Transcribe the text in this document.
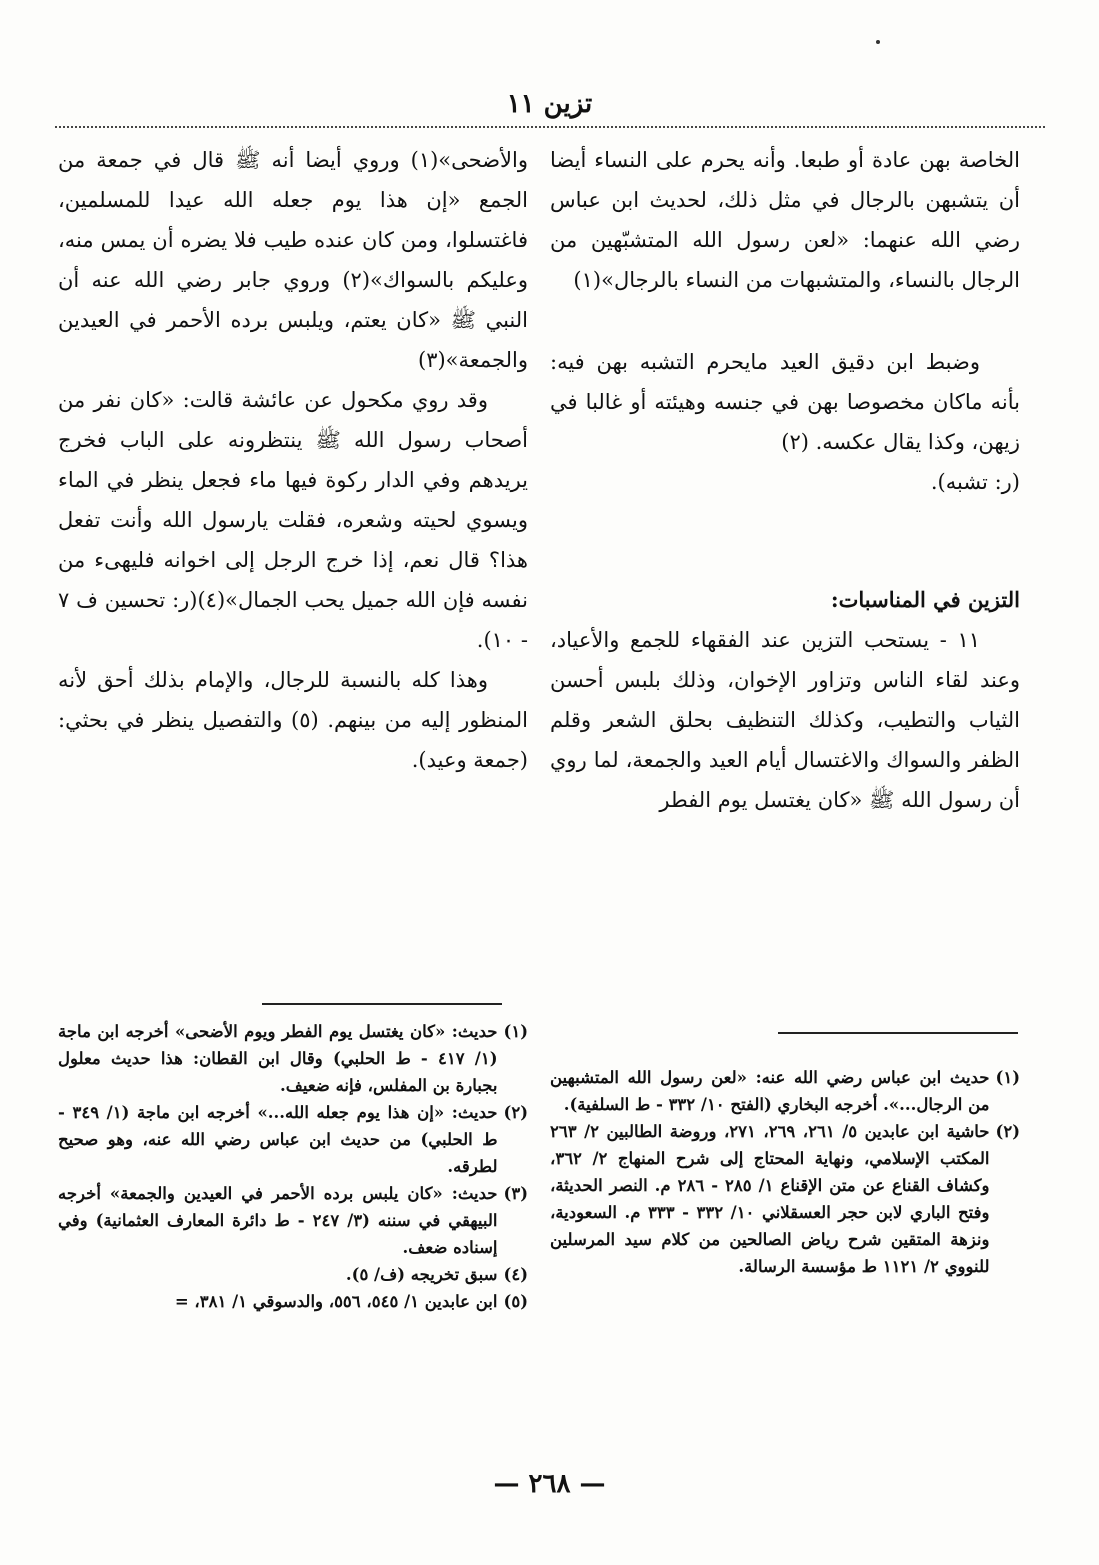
تزين ١١

الخاصة بهن عادة أو طبعا. وأنه يحرم على النساء أيضا أن يتشبهن بالرجال في مثل ذلك، لحديث ابن عباس رضي الله عنهما: «لعن رسول الله المتشبّهين من الرجال بالنساء، والمتشبهات من النساء بالرجال»(١)

وضبط ابن دقيق العيد مايحرم التشبه بهن فيه: بأنه ماكان مخصوصا بهن في جنسه وهيئته أو غالبا في زيهن، وكذا يقال عكسه. (٢)

(ر: تشبه).

التزين في المناسبات:

١١ - يستحب التزين عند الفقهاء للجمع والأعياد، وعند لقاء الناس وتزاور الإخوان، وذلك بلبس أحسن الثياب والتطيب، وكذلك التنظيف بحلق الشعر وقلم الظفر والسواك والاغتسال أيام العيد والجمعة، لما روي أن رسول الله ﷺ «كان يغتسل يوم الفطر

والأضحى»(١) وروي أيضا أنه ﷺ قال في جمعة من الجمع «إن هذا يوم جعله الله عيدا للمسلمين، فاغتسلوا، ومن كان عنده طيب فلا يضره أن يمس منه، وعليكم بالسواك»(٢) وروي جابر رضي الله عنه أن النبي ﷺ «كان يعتم، ويلبس برده الأحمر في العيدين والجمعة»(٣)

وقد روي مكحول عن عائشة قالت: «كان نفر من أصحاب رسول الله ﷺ ينتظرونه على الباب فخرج يريدهم وفي الدار ركوة فيها ماء فجعل ينظر في الماء ويسوي لحيته وشعره، فقلت يارسول الله وأنت تفعل هذا؟ قال نعم، إذا خرج الرجل إلى اخوانه فليهىء من نفسه فإن الله جميل يحب الجمال»(٤)(ر: تحسين ف ٧ - ١٠).

وهذا كله بالنسبة للرجال، والإمام بذلك أحق لأنه المنظور إليه من بينهم. (٥) والتفصيل ينظر في بحثي: (جمعة وعيد).

(١)
حديث ابن عباس رضي الله عنه: «لعن رسول الله المتشبهين من الرجال...». أخرجه البخاري (الفتح ١٠/ ٣٣٢ - ط السلفية).
(٢)
حاشية ابن عابدين ٥/ ٢٦١، ٢٦٩، ٢٧١، وروضة الطالبين ٢/ ٢٦٣ المكتب الإسلامي، ونهاية المحتاج إلى شرح المنهاج ٢/ ٣٦٢، وكشاف القناع عن متن الإقناع ١/ ٢٨٥ - ٢٨٦ م. النصر الحديثة، وفتح الباري لابن حجر العسقلاني ١٠/ ٣٣٢ - ٣٣٣ م. السعودية، ونزهة المتقين شرح رياض الصالحين من كلام سيد المرسلين للنووي ٢/ ١١٢١ ط مؤسسة الرسالة.
(١)
حديث: «كان يغتسل يوم الفطر ويوم الأضحى» أخرجه ابن ماجة (١/ ٤١٧ - ط الحلبي) وقال ابن القطان: هذا حديث معلول بجبارة بن المفلس، فإنه ضعيف.
(٢)
حديث: «إن هذا يوم جعله الله...» أخرجه ابن ماجة (١/ ٣٤٩ - ط الحلبي) من حديث ابن عباس رضي الله عنه، وهو صحيح لطرقه.
(٣)
حديث: «كان يلبس برده الأحمر في العيدين والجمعة» أخرجه البيهقي في سننه (٣/ ٢٤٧ - ط دائرة المعارف العثمانية) وفي إسناده ضعف.
(٤)
سبق تخريجه (ف/ ٥).
(٥)
ابن عابدين ١/ ٥٤٥، ٥٥٦، والدسوقي ١/ ٣٨١، =
— ٢٦٨ —
